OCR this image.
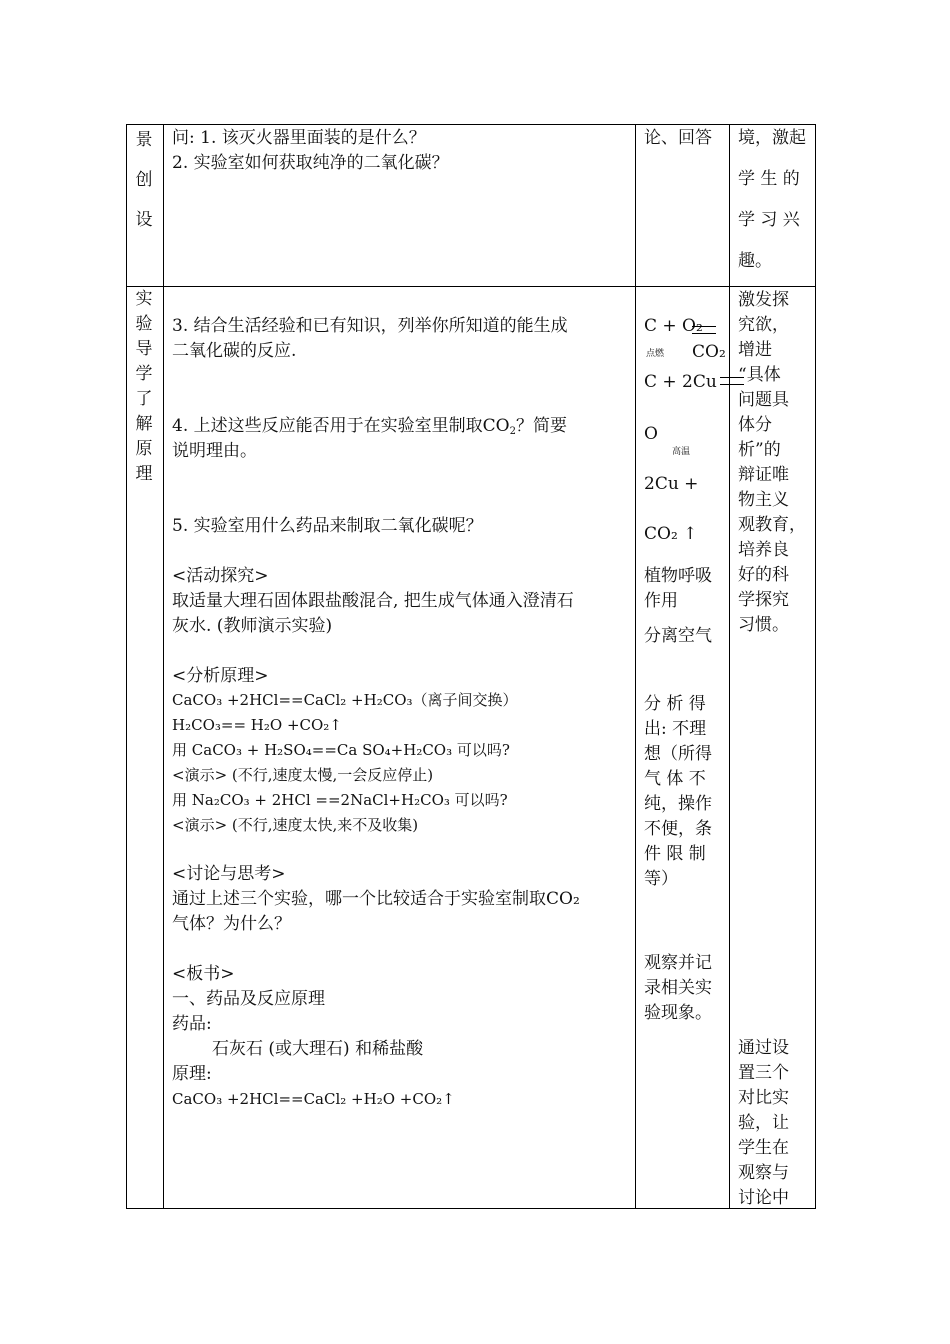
景
创
设
问: 1. 该灭火器里面装的是什么？
2. 实验室如何获取纯净的二氧化碳？
论、回答 境，激起
学 生 的
学 习 兴
趣。
实
验
导
学
了
解
原
理
3. 结合生活经验和已有知识，列举你所知道的能生成
二氧化碳的反应.
4. 上述这些反应能否用于在实验室里制取$CO_2$？简要
说明理由。
5. 实验室用什么药品来制取二氧化碳呢？
<活动探究>
取适量大理石固体跟盐酸混合, 把生成气体通入澄清石
灰水. (教师演示实验)
<分析原理>
CaCO₃ +2HCl==CaCl₂ +H₂CO₃（离子间交换）
H₂CO₃== H₂O +CO₂↑
用 CaCO₃ + H₂SO₄==Ca SO₄+H₂CO₃ 可以吗?
<演示> (不行,速度太慢,一会反应停止)
用 Na₂CO₃ + 2HCl ==2NaCl+H₂CO₃ 可以吗?
<演示> (不行,速度太快,来不及收集)
<讨论与思考>
通过上述三个实验，哪一个比较适合于实验室制取CO₂
气体？为什么？
<板书>
一、药品及反应原理
药品:
石灰石 (或大理石) 和稀盐酸
原理:
CaCO₃ +2HCl==CaCl₂ +H₂O +CO₂↑
C + O₂
点燃 CO₂
C + 2Cu
O
高温
2Cu +
CO₂ ↑
植物呼吸
作用
分离空气
分 析 得
出: 不理
想（所得
气 体 不
纯，操作
不便，条
件 限 制
等）
观察并记
录相关实
验现象。
激发探
究欲，
增进
“具体
问题具
体分
析”的
辩证唯
物主义
观教育，
培养良
好的科
学探究
习惯。
通过设
置三个
对比实
验，让
学生在
观察与
讨论中
